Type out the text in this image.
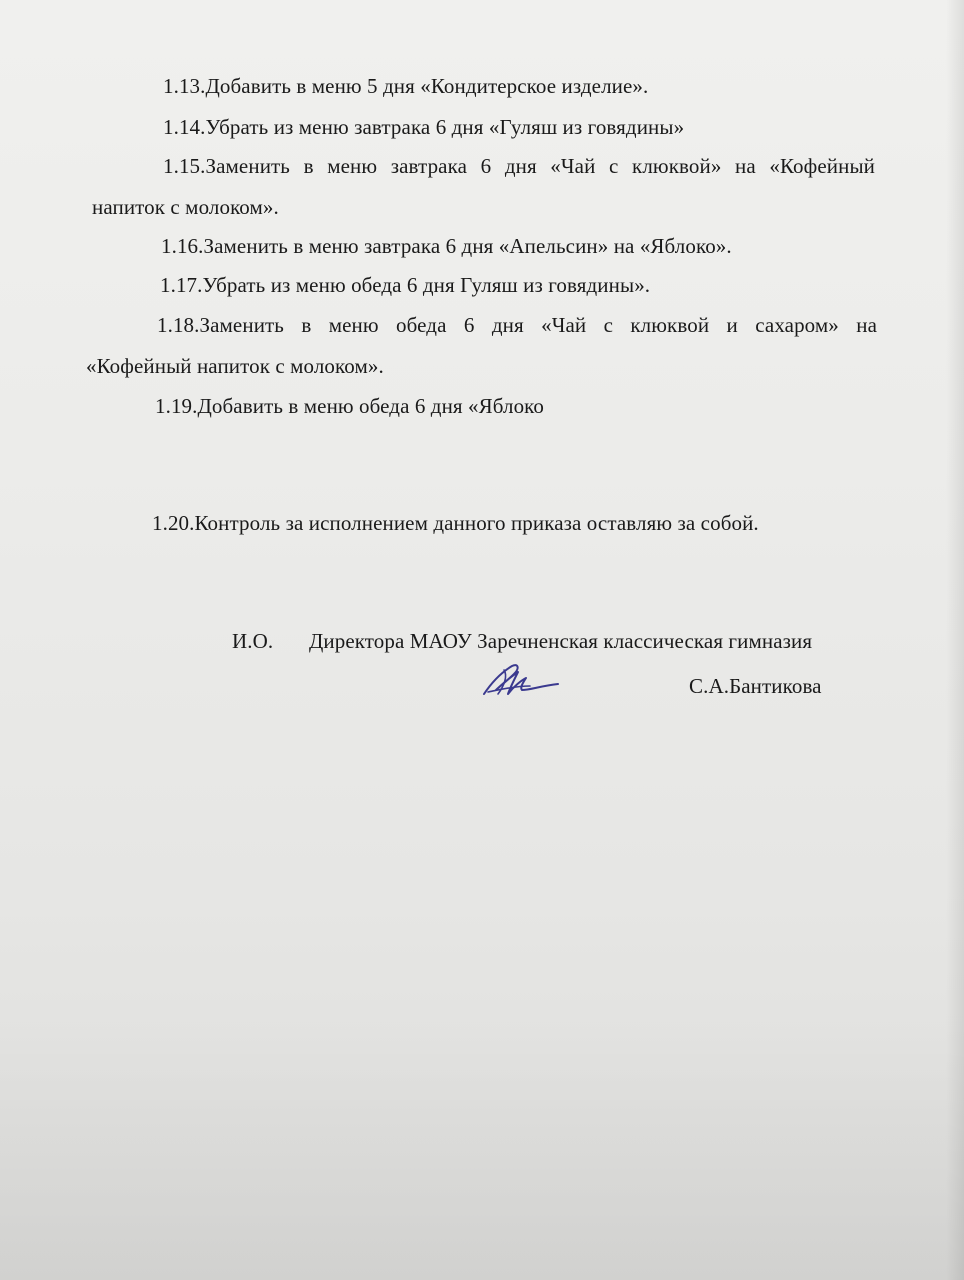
1.13.Добавить в меню 5 дня «Кондитерское изделие».
1.14.Убрать из меню завтрака 6 дня «Гуляш из говядины»
1.15.Заменить в меню завтрака 6 дня «Чай с клюквой» на «Кофейный
напиток с молоком».
1.16.Заменить в меню завтрака 6 дня «Апельсин» на «Яблоко».
1.17.Убрать из меню обеда 6 дня Гуляш из говядины».
1.18.Заменить в меню обеда 6 дня «Чай с клюквой и сахаром» на
«Кофейный напиток с молоком».
1.19.Добавить в меню обеда 6 дня «Яблоко
1.20.Контроль за исполнением данного приказа оставляю за собой.
И.О. Директора МАОУ Заречненская классическая гимназия
С.А.Бантикова
